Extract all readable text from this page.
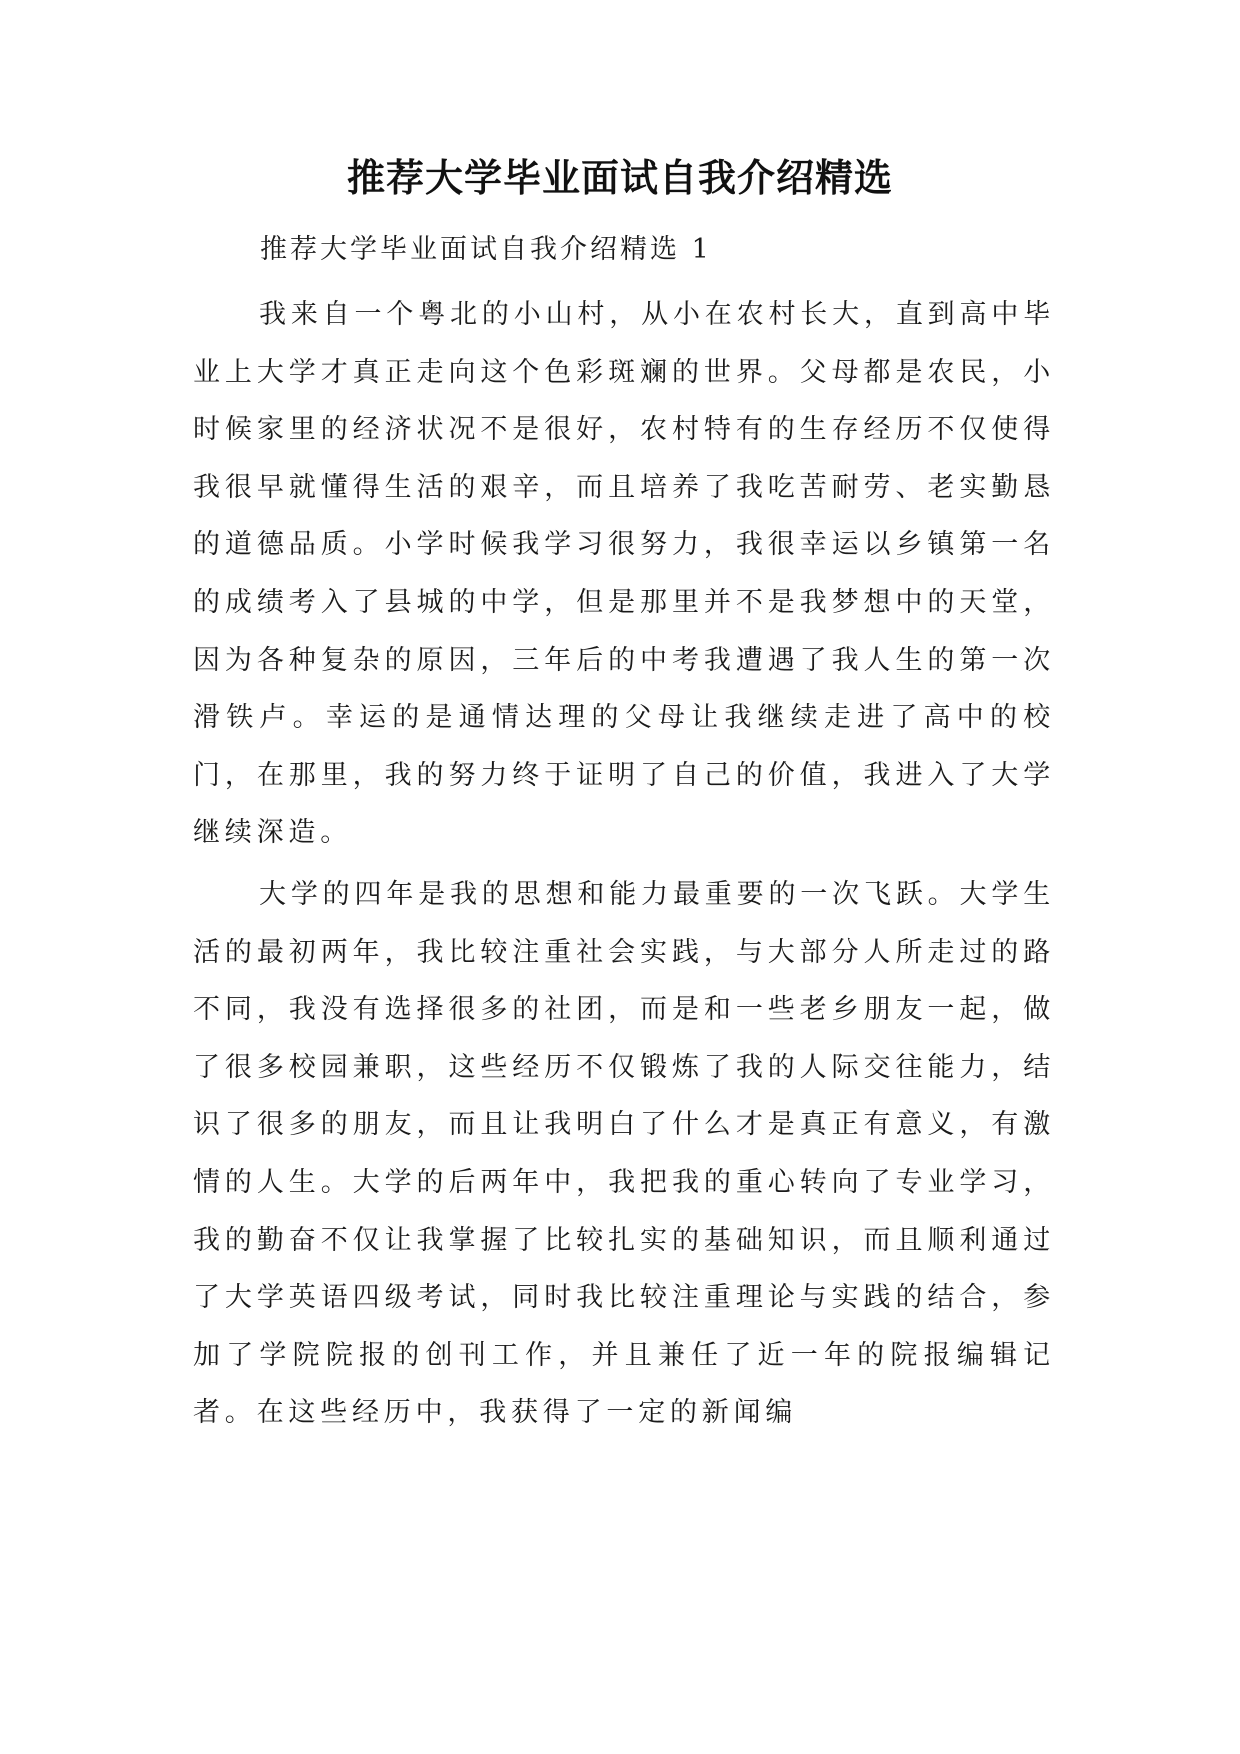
推荐大学毕业面试自我介绍精选
推荐大学毕业面试自我介绍精选 1

我来自一个粤北的小山村，从小在农村长大，直到高中毕业上大学才真正走向这个色彩斑斓的世界。父母都是农民，小时候家里的经济状况不是很好，农村特有的生存经历不仅使得我很早就懂得生活的艰辛，而且培养了我吃苦耐劳、老实勤恳的道德品质。小学时候我学习很努力，我很幸运以乡镇第一名的成绩考入了县城的中学，但是那里并不是我梦想中的天堂，因为各种复杂的原因，三年后的中考我遭遇了我人生的第一次滑铁卢。幸运的是通情达理的父母让我继续走进了高中的校门，在那里，我的努力终于证明了自己的价值，我进入了大学继续深造。

大学的四年是我的思想和能力最重要的一次飞跃。大学生活的最初两年，我比较注重社会实践，与大部分人所走过的路不同，我没有选择很多的社团，而是和一些老乡朋友一起，做了很多校园兼职，这些经历不仅锻炼了我的人际交往能力，结识了很多的朋友，而且让我明白了什么才是真正有意义，有激情的人生。大学的后两年中，我把我的重心转向了专业学习，我的勤奋不仅让我掌握了比较扎实的基础知识，而且顺利通过了大学英语四级考试，同时我比较注重理论与实践的结合，参加了学院院报的创刊工作，并且兼任了近一年的院报编辑记者。在这些经历中，我获得了一定的新闻编
